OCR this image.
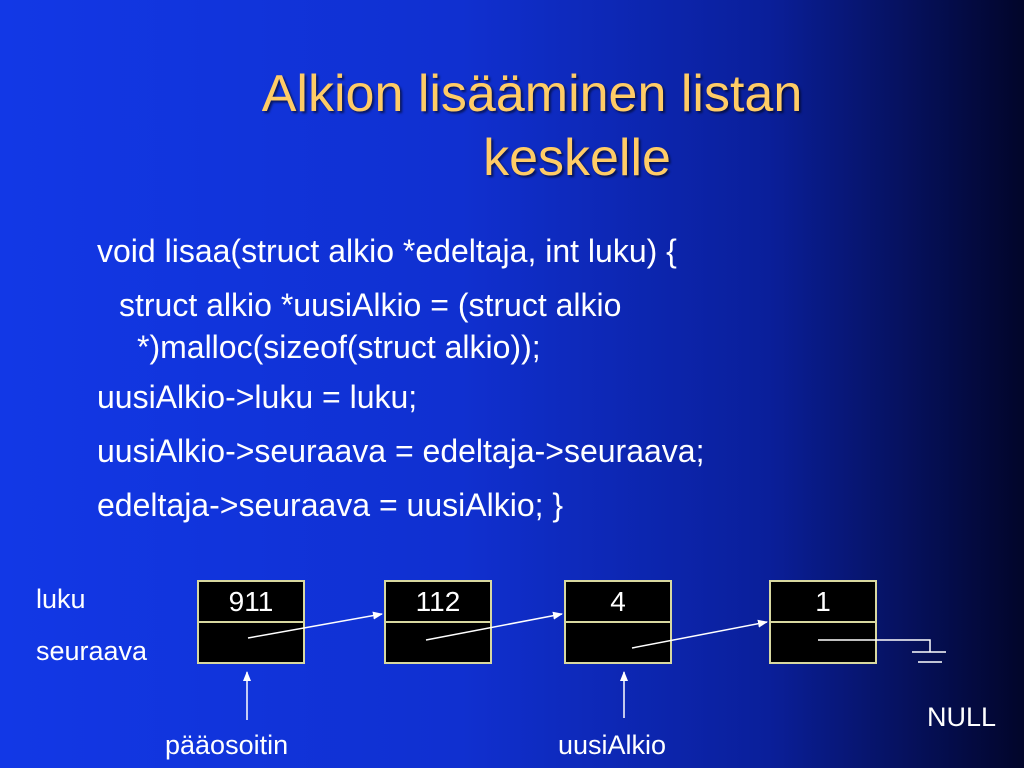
Alkion lisääminen listan
keskelle
void lisaa(struct alkio *edeltaja, int luku) {
struct alkio *uusiAlkio = (struct alkio
*)malloc(sizeof(struct alkio));
uusiAlkio->luku = luku;
uusiAlkio->seuraava = edeltaja->seuraava;
edeltaja->seuraava = uusiAlkio; }
luku
seuraava
911	112	4	1
pääosoitin	uusiAlkio
NULL
